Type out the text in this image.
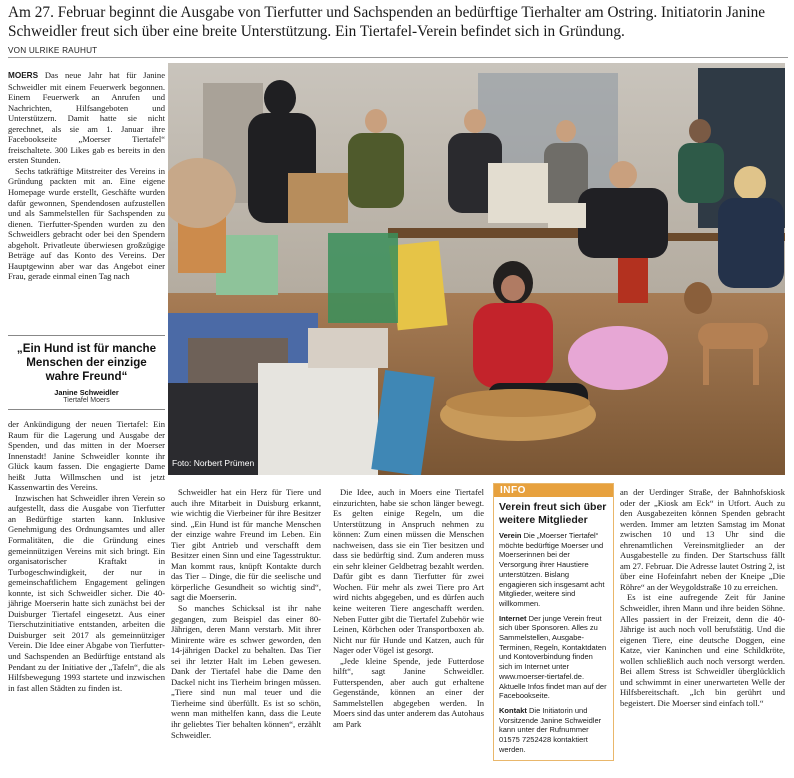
Am 27. Februar beginnt die Ausgabe von Tierfutter und Sachspenden an bedürftige Tierhalter am Ostring. Initiatorin Janine Schweidler freut sich über eine breite Unterstützung. Ein Tiertafel-Verein befindet sich in Gründung.
VON ULRIKE RAUHUT

MOERS Das neue Jahr hat für Janine Schweidler mit einem Feuerwerk begonnen. Einem Feuerwerk an Anrufen und Nachrichten, Hilfsangeboten und Unterstützern. Damit hatte sie nicht gerechnet, als sie am 1. Januar ihre Facebookseite „Moerser Tiertafel“ freischaltete. 300 Likes gab es bereits in den ersten Stunden.

Sechs tatkräftige Mitstreiter des Vereins in Gründung packten mit an. Eine eigene Homepage wurde erstellt, Geschäfte wurden dafür gewonnen, Spendendosen aufzustellen und als Sammelstellen für Sachspenden zu dienen. Tierfutter-Spenden wurden zu den Schweidlers gebracht oder bei den Spendern abgeholt. Privatleute überwiesen großzügige Beträge auf das Konto des Vereins. Der Hauptgewinn aber war das Angebot einer Frau, gerade einmal einen Tag nach

„Ein Hund ist für manche Menschen der einzige wahre Freund“
Janine Schweidler
Tiertafel Moers

der Ankündigung der neuen Tiertafel: Ein Raum für die Lagerung und Ausgabe der Spenden, und das mitten in der Moerser Innenstadt! Janine Schweidler konnte ihr Glück kaum fassen. Die engagierte Dame heißt Jutta Willmschen und ist jetzt Kassenwartin des Vereins.

Inzwischen hat Schweidler ihren Verein so aufgestellt, dass die Ausgabe von Tierfutter an Bedürftige starten kann. Inklusive Genehmigung des Ordnungsamtes und aller Formalitäten, die die Gründung eines gemeinnützigen Vereins mit sich bringt. Ein organisatorischer Kraftakt in Turbogeschwindigkeit, der nur in gemeinschaftlichem Engagement gelingen konnte, ist sich Schweidler sicher. Die 40-jährige Moerserin hatte sich zunächst bei der Duisburger Tiertafel eingesetzt. Aus einer Tierschutzinitiative entstanden, arbeiten die Duisburger seit 2017 als gemeinnütziger Verein. Die Idee einer Abgabe von Tierfutter- und Sachspenden an Bedürftige entstand als Pendant zu der Initiative der „Tafeln“, die als Hilfsbewegung 1993 startete und inzwischen in fast allen Städten zu finden ist.

Foto: Norbert Prümen

Schweidler hat ein Herz für Tiere und auch ihre Mitarbeit in Duisburg erkannt, wie wichtig die Vierbeiner für ihre Besitzer sind. „Ein Hund ist für manche Menschen der einzige wahre Freund im Leben. Ein Tier gibt Antrieb und verschafft dem Besitzer einen Sinn und eine Tagesstruktur. Man kommt raus, knüpft Kontakte durch das Tier – Dinge, die für die seelische und körperliche Gesundheit so wichtig sind“, sagt die Moerserin.

So manches Schicksal ist ihr nahe gegangen, zum Beispiel das einer 80-Jährigen, deren Mann verstarb. Mit ihrer Minirente wäre es schwer geworden, den 14-jährigen Dackel zu behalten. Das Tier sei ihr letzter Halt im Leben gewesen. Dank der Tiertafel habe die Dame den Dackel nicht ins Tierheim bringen müssen. „Tiere sind nun mal teuer und die Tierheime sind überfüllt. Es ist so schön, wenn man mithelfen kann, dass die Leute ihr geliebtes Tier behalten können“, erzählt Schweidler.

Die Idee, auch in Moers eine Tiertafel einzurichten, habe sie schon länger bewegt. Es gelten einige Regeln, um die Unterstützung in Anspruch nehmen zu können: Zum einen müssen die Menschen nachweisen, dass sie ein Tier besitzen und dass sie bedürftig sind. Zum anderen muss ein sehr kleiner Geldbetrag bezahlt werden. Dafür gibt es dann Tierfutter für zwei Wochen. Für mehr als zwei Tiere pro Art wird nichts abgegeben, und es dürfen auch keine weiteren Tiere angeschafft werden. Neben Futter gibt die Tiertafel Zubehör wie Leinen, Körbchen oder Transportboxen ab. Nicht nur für Hunde und Katzen, auch für Nager oder Vögel ist gesorgt.

„Jede kleine Spende, jede Futterdose hilft“, sagt Janine Schweidler. Futterspenden, aber auch gut erhaltene Gegenstände, können an einer der Sammelstellen abgegeben werden. In Moers sind das unter anderem das Autohaus am Park

INFO
Verein freut sich über weitere Mitglieder

Verein Die „Moerser Tiertafel“ möchte bedürftige Moerser und Moerserinnen bei der Versorgung ihrer Haustiere unterstützen. Bislang engagieren sich insgesamt acht Mitglieder, weitere sind willkommen.

Internet Der junge Verein freut sich über Sponsoren. Alles zu Sammelstellen, Ausgabe-Terminen, Regeln, Kontaktdaten und Kontoverbindung finden sich im Internet unter www.moerser-tiertafel.de. Aktuelle Infos findet man auf der Facebookseite.

Kontakt Die Initiatorin und Vorsitzende Janine Schweidler kann unter der Rufnummer 01575 7252428 kontaktiert werden.

an der Uerdinger Straße, der Bahnhofskiosk oder der „Kiosk am Eck“ in Utfort. Auch zu den Ausgabezeiten können Spenden gebracht werden. Immer am letzten Samstag im Monat zwischen 10 und 13 Uhr sind die ehrenamtlichen Vereinsmitglieder an der Ausgabestelle zu finden. Der Startschuss fällt am 27. Februar. Die Adresse lautet Ostring 2, ist über eine Hofeinfahrt neben der Kneipe „Die Röhre“ an der Weygoldstraße 10 zu erreichen.

Es ist eine aufregende Zeit für Janine Schweidler, ihren Mann und ihre beiden Söhne. Alles passiert in der Freizeit, denn die 40-Jährige ist auch noch voll berufstätig. Und die eigenen Tiere, eine deutsche Doggen, eine Katze, vier Kaninchen und eine Schildkröte, wollen schließlich auch noch versorgt werden. Bei allem Stress ist Schweidler überglücklich und schwimmt in einer unerwarteten Welle der Hilfsbereitschaft. „Ich bin gerührt und begeistert. Die Moerser sind einfach toll.“
